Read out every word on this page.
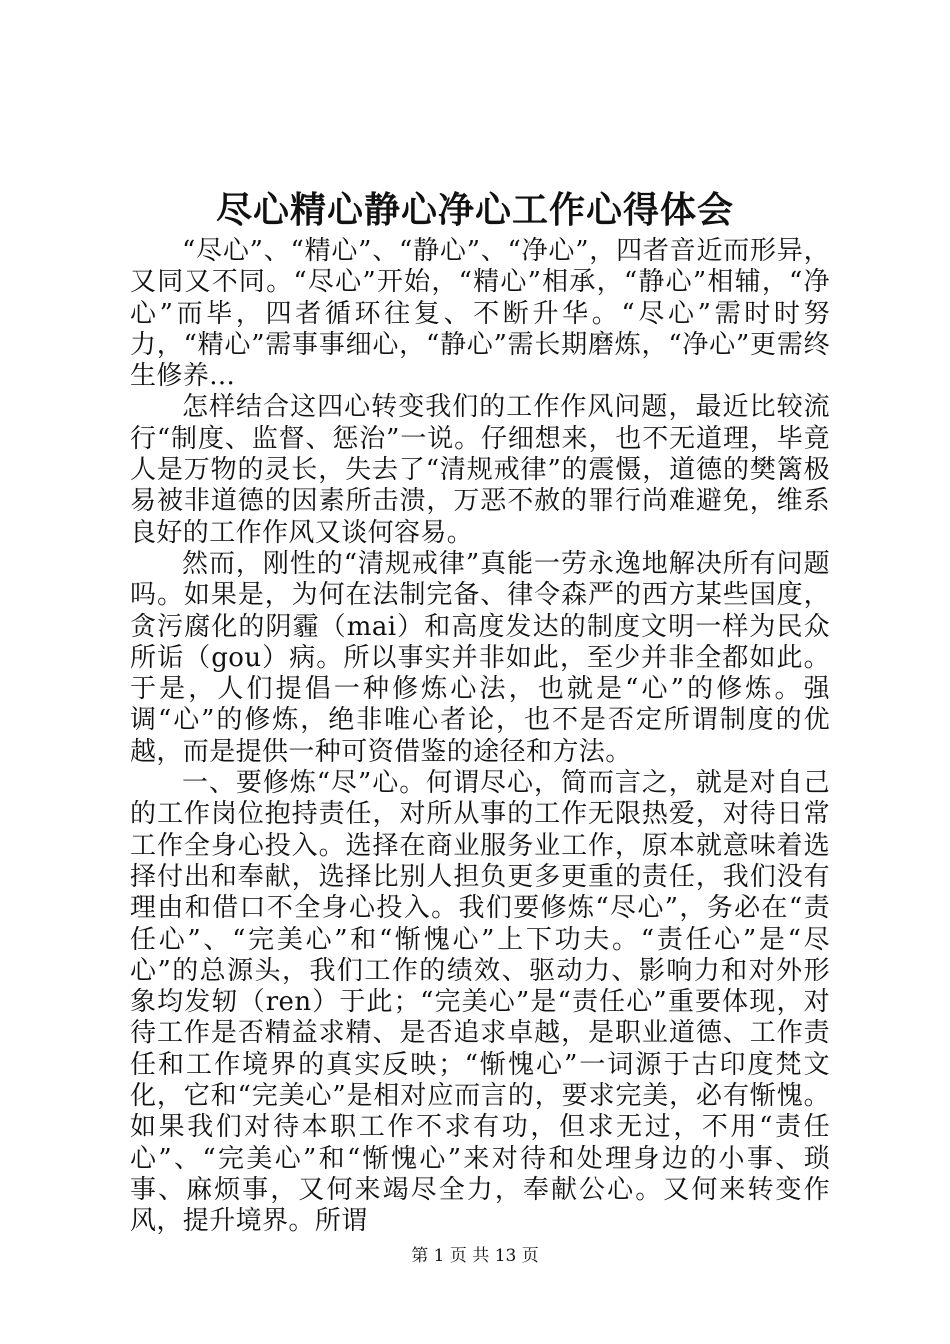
尽心精心静心净心工作心得体会

“尽心”、“精心”、“静心”、“净心”，四者音近而形异，又同又不同。“尽心”开始，“精心”相承，“静心”相辅，“净心”而毕，四者循环往复、不断升华。“尽心”需时时努力，“精心”需事事细心，“静心”需长期磨炼，“净心”更需终生修养...

怎样结合这四心转变我们的工作作风问题，最近比较流行“制度、监督、惩治”一说。仔细想来，也不无道理，毕竟人是万物的灵长，失去了“清规戒律”的震慑，道德的樊篱极易被非道德的因素所击溃，万恶不赦的罪行尚难避免，维系良好的工作作风又谈何容易。

然而，刚性的“清规戒律”真能一劳永逸地解决所有问题吗。如果是，为何在法制完备、律令森严的西方某些国度，贪污腐化的阴霾（mai）和高度发达的制度文明一样为民众所诟（gou）病。所以事实并非如此，至少并非全都如此。于是，人们提倡一种修炼心法，也就是“心”的修炼。强调“心”的修炼，绝非唯心者论，也不是否定所谓制度的优越，而是提供一种可资借鉴的途径和方法。

一、要修炼“尽”心。何谓尽心，简而言之，就是对自己的工作岗位抱持责任，对所从事的工作无限热爱，对待日常工作全身心投入。选择在商业服务业工作，原本就意味着选择付出和奉献，选择比别人担负更多更重的责任，我们没有理由和借口不全身心投入。我们要修炼“尽心”，务必在“责任心”、“完美心”和“惭愧心”上下功夫。“责任心”是“尽心”的总源头，我们工作的绩效、驱动力、影响力和对外形象均发轫（ren）于此；“完美心”是“责任心”重要体现，对待工作是否精益求精、是否追求卓越，是职业道德、工作责任和工作境界的真实反映；“惭愧心”一词源于古印度梵文化，它和“完美心”是相对应而言的，要求完美，必有惭愧。如果我们对待本职工作不求有功，但求无过，不用“责任心”、“完美心”和“惭愧心”来对待和处理身边的小事、琐事、麻烦事，又何来竭尽全力，奉献公心。又何来转变作风，提升境界。所谓

第 1 页 共 13 页
